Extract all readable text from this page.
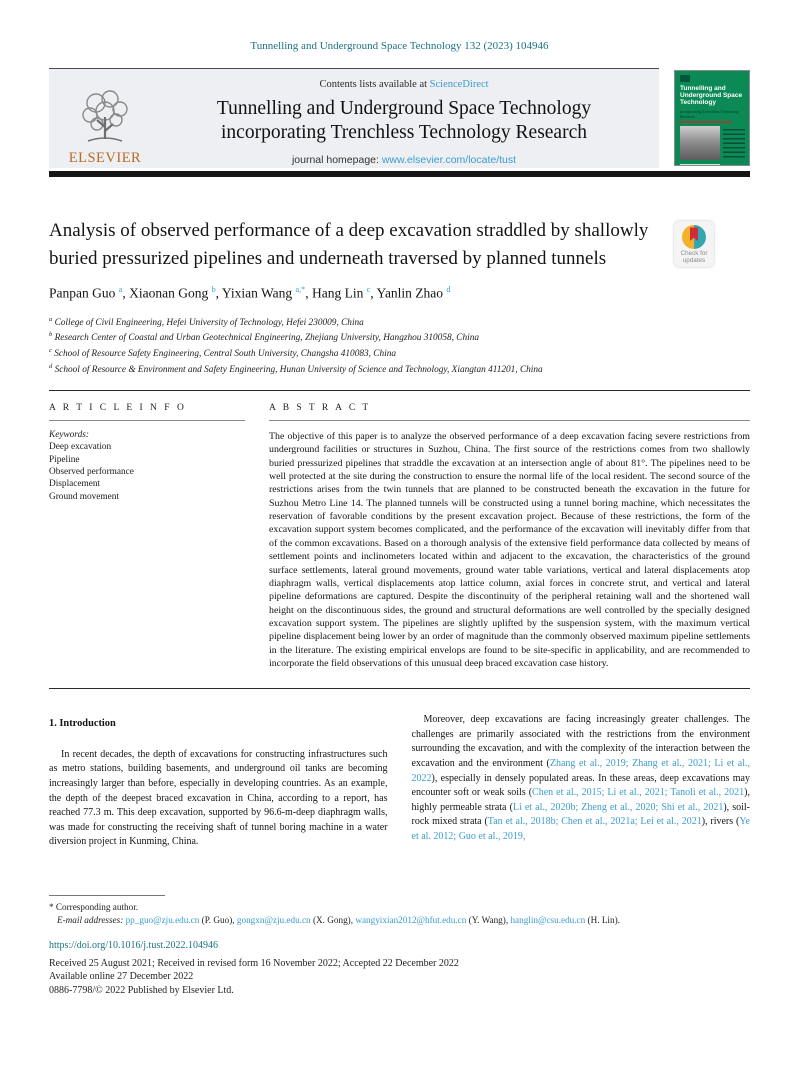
Tunnelling and Underground Space Technology 132 (2023) 104946
ELSEVIER
Contents lists available at ScienceDirect
Tunnelling and Underground Space Technology
incorporating Trenchless Technology Research
journal homepage: www.elsevier.com/locate/tust
Tunnelling and
Underground Space
Technology
incorporating Trenchless Technology Research
Analysis of observed performance of a deep excavation straddled by shallowly buried pressurized pipelines and underneath traversed by planned tunnels	Check for
updates
Panpan Guo $^a$, Xiaonan Gong $^b$, Yixian Wang $^{a,*}$, Hang Lin $^c$, Yanlin Zhao $^d$
$^a$ College of Civil Engineering, Hefei University of Technology, Hefei 230009, China
$^b$ Research Center of Coastal and Urban Geotechnical Engineering, Zhejiang University, Hangzhou 310058, China
$^c$ School of Resource Safety Engineering, Central South University, Changsha 410083, China
$^d$ School of Resource & Environment and Safety Engineering, Hunan University of Science and Technology, Xiangtan 411201, China
A R T I C L E I N F O
Keywords:
Deep excavation
Pipeline
Observed performance
Displacement
Ground movement
A B S T R A C T
The objective of this paper is to analyze the observed performance of a deep excavation facing severe restrictions from underground facilities or structures in Suzhou, China. The first source of the restrictions comes from two shallowly buried pressurized pipelines that straddle the excavation at an intersection angle of about 81°. The pipelines need to be well protected at the site during the construction to ensure the normal life of the local resident. The second source of the restrictions arises from the twin tunnels that are planned to be constructed beneath the excavation in the future for Suzhou Metro Line 14. The planned tunnels will be constructed using a tunnel boring machine, which necessitates the reservation of favorable conditions by the present excavation project. Because of these restrictions, the form of the excavation support system becomes complicated, and the performance of the excavation will inevitably differ from that of the common excavations. Based on a thorough analysis of the extensive field performance data collected by means of settlement points and inclinometers located within and adjacent to the excavation, the characteristics of the ground surface settlements, lateral ground movements, ground water table variations, vertical and lateral displacements atop diaphragm walls, vertical displacements atop lattice column, axial forces in concrete strut, and vertical and lateral pipeline deformations are captured. Despite the discontinuity of the peripheral retaining wall and the shortened wall height on the discontinuous sides, the ground and structural deformations are well controlled by the specially designed excavation support system. The pipelines are slightly uplifted by the suspension system, with the maximum vertical pipeline displacement being lower by an order of magnitude than the commonly observed maximum pipeline settlements in the literature. The existing empirical envelops are found to be site-specific in applicability, and are recommended to incorporate the field observations of this unusual deep braced excavation case history.
1. Introduction

In recent decades, the depth of excavations for constructing infrastructures such as metro stations, building basements, and underground oil tanks are becoming increasingly larger than before, especially in developing countries. As an example, the depth of the deepest braced excavation in China, according to a report, has reached 77.3 m. This deep excavation, supported by 96.6-m-deep diaphragm walls, was made for constructing the receiving shaft of tunnel boring machine in a water diversion project in Kunming, China.

Moreover, deep excavations are facing increasingly greater challenges. The challenges are primarily associated with the restrictions from the environment surrounding the excavation, and with the complexity of the interaction between the excavation and the environment (Zhang et al., 2019; Zhang et al., 2021; Li et al., 2022), especially in densely populated areas. In these areas, deep excavations may encounter soft or weak soils (Chen et al., 2015; Li et al., 2021; Tanoli et al., 2021), highly permeable strata (Li et al., 2020b; Zheng et al., 2020; Shi et al., 2021), soil-rock mixed strata (Tan et al., 2018b; Chen et al., 2021a; Lei et al., 2021), rivers (Ye et al. 2012; Guo et al., 2019,

* Corresponding author.
E-mail addresses: pp_guo@zju.edu.cn (P. Guo), gongxn@zju.edu.cn (X. Gong), wangyixian2012@hfut.edu.cn (Y. Wang), hanglin@csu.edu.cn (H. Lin).
https://doi.org/10.1016/j.tust.2022.104946
Received 25 August 2021; Received in revised form 16 November 2022; Accepted 22 December 2022
Available online 27 December 2022
0886-7798/© 2022 Published by Elsevier Ltd.
